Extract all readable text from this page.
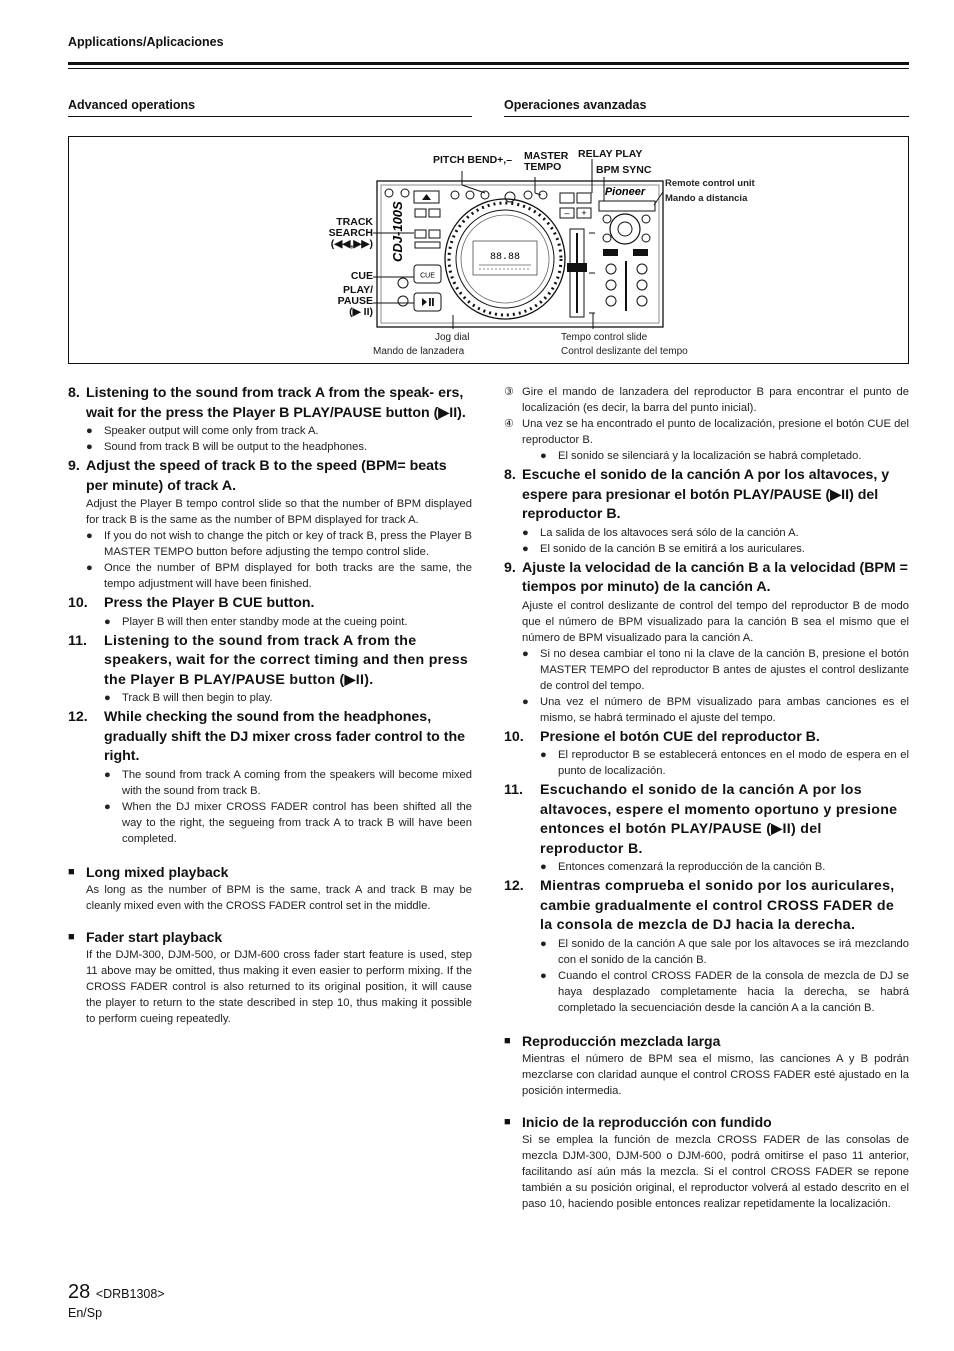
Applications/Aplicaciones
Advanced operations	Operaciones avanzadas
CUE
CDJ-100S	88.88
– +
Pioneer
PITCH BEND+,– MASTER
TEMPO
RELAY PLAY
BPM SYNC
Remote control unit
Mando a distancia
TRACK
SEARCH
(◀◀,▶▶)
CUE
PLAY/
PAUSE
(▶ II)
Jog dial
Mando de lanzadera
Tempo control slide
Control deslizante del tempo
8. Listening to the sound from track A from the speak- ers, wait for the press the Player B PLAY/PAUSE button (▶II).
●	Speaker output will come only from track A.
●	Sound from track B will be output to the headphones.
9. Adjust the speed of track B to the speed (BPM= beats per minute) of track A.

Adjust the Player B tempo control slide so that the number of BPM displayed for track B is the same as the number of BPM displayed for track A.

●	If you do not wish to change the pitch or key of track B, press the Player B MASTER TEMPO button before adjusting the tempo control slide.
●	Once the number of BPM displayed for both tracks are the same, the tempo adjustment will have been finished.
10.	Press the Player B CUE button.
●	Player B will then enter standby mode at the cueing point.
11.	Listening to the sound from track A from the speakers, wait for the correct timing and then press the Player B PLAY/PAUSE button (▶II).
●	Track B will then begin to play.
12.	While checking the sound from the headphones, gradually shift the DJ mixer cross fader control to the right.
●	The sound from track A coming from the speakers will become mixed with the sound from track B.
●	When the DJ mixer CROSS FADER control has been shifted all the way to the right, the segueing from track A to track B will have been completed.
■ Long mixed playback

As long as the number of BPM is the same, track A and track B may be cleanly mixed even with the CROSS FADER control set in the middle.

■ Fader start playback

If the DJM-300, DJM-500, or DJM-600 cross fader start feature is used, step 11 above may be omitted, thus making it even easier to perform mixing. If the CROSS FADER control is also returned to its original position, it will cause the player to return to the state described in step 10, thus making it possible to perform cueing repeatedly.

③ Gire el mando de lanzadera del reproductor B para encontrar el punto de localización (es decir, la barra del punto inicial).
④ Una vez se ha encontrado el punto de localización, presione el botón CUE del reproductor B.
●	El sonido se silenciará y la localización se habrá completado.
8. Escuche el sonido de la canción A por los altavoces, y espere para presionar el botón PLAY/PAUSE (▶II) del reproductor B.
●	La salida de los altavoces será sólo de la canción A.
●	El sonido de la canción B se emitirá a los auriculares.
9. Ajuste la velocidad de la canción B a la velocidad (BPM = tiempos por minuto) de la canción A.

Ajuste el control deslizante de control del tempo del reproductor B de modo que el número de BPM visualizado para la canción B sea el mismo que el número de BPM visualizado para la canción A.

●	Si no desea cambiar el tono ni la clave de la canción B, presione el botón MASTER TEMPO del reproductor B antes de ajustes el control deslizante de control del tempo.
●	Una vez el número de BPM visualizado para ambas canciones es el mismo, se habrá terminado el ajuste del tempo.
10.	Presione el botón CUE del reproductor B.
●	El reproductor B se establecerá entonces en el modo de espera en el punto de localización.
11.	Escuchando el sonido de la canción A por los altavoces, espere el momento oportuno y presione entonces el botón PLAY/PAUSE (▶II) del reproductor B.
●	Entonces comenzará la reproducción de la canción B.
12.	Mientras comprueba el sonido por los auriculares, cambie gradualmente el control CROSS FADER de la consola de mezcla de DJ hacia la derecha.
●	El sonido de la canción A que sale por los altavoces se irá mezclando con el sonido de la canción B.
●	Cuando el control CROSS FADER de la consola de mezcla de DJ se haya desplazado completamente hacia la derecha, se habrá completado la secuenciación desde la canción A a la canción B.
■ Reproducción mezclada larga

Mientras el número de BPM sea el mismo, las canciones A y B podrán mezclarse con claridad aunque el control CROSS FADER esté ajustado en la posición intermedia.

■ Inicio de la reproducción con fundido

Si se emplea la función de mezcla CROSS FADER de las consolas de mezcla DJM-300, DJM-500 o DJM-600, podrá omitirse el paso 11 anterior, facilitando así aún más la mezcla. Si el control CROSS FADER se repone también a su posición original, el reproductor volverá al estado descrito en el paso 10, haciendo posible entonces realizar repetidamente la localización.

28 <DRB1308>
En/Sp
